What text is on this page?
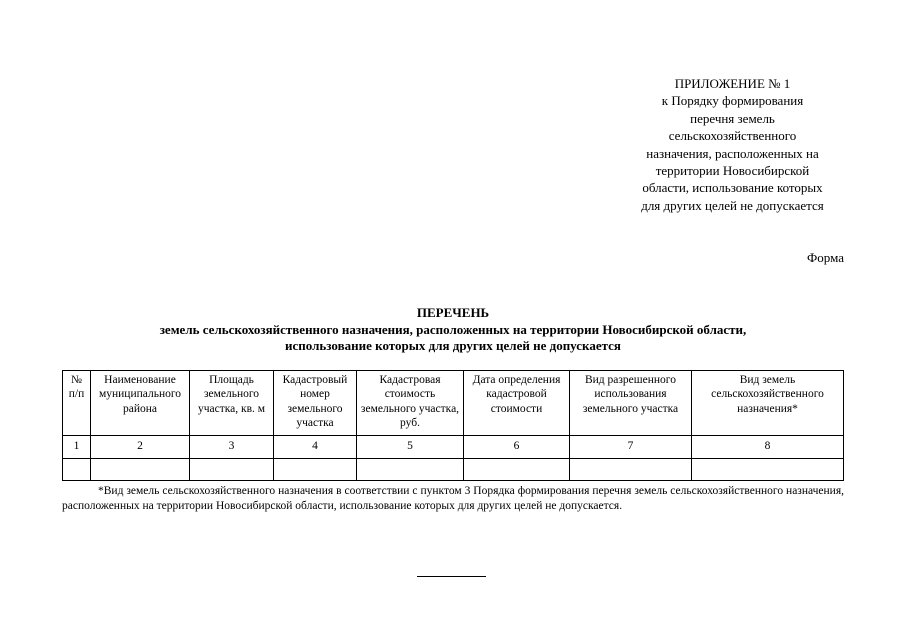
ПРИЛОЖЕНИЕ № 1
к Порядку формирования
перечня земель
сельскохозяйственного
назначения, расположенных на
территории Новосибирской
области, использование которых
для других целей не допускается
Форма
ПЕРЕЧЕНЬ
земель сельскохозяйственного назначения, расположенных на территории Новосибирской области,
использование которых для других целей не допускается
№ п/п	Наименование муниципального района	Площадь земельного участка, кв. м	Кадастровый номер земельного участка	Кадастровая стоимость земельного участка, руб.	Дата определения кадастровой стоимости	Вид разрешенного использования земельного участка	Вид земель сельскохозяйственного назначения*
1	2	3	4	5	6	7	8

*Вид земель сельскохозяйственного назначения в соответствии с пунктом 3 Порядка формирования перечня земель сельскохозяйственного назначения, расположенных на территории Новосибирской области, использование которых для других целей не допускается.
